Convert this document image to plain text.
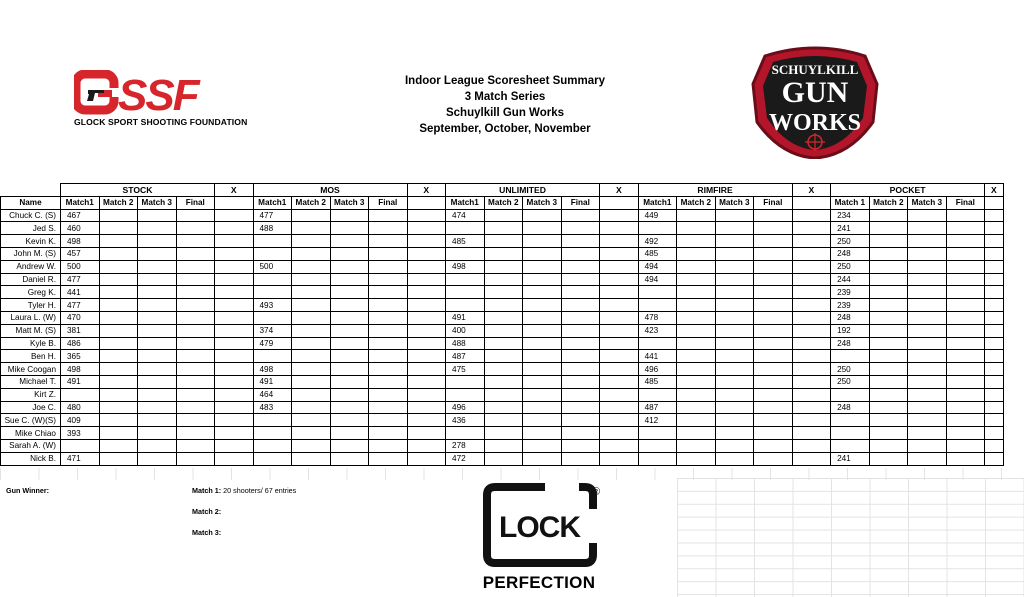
SSF
GLOCK SPORT SHOOTING FOUNDATION
Indoor League Scoresheet Summary
3 Match Series
Schuylkill Gun Works
September, October, November
SCHUYLKILL
GUN
WORKS
	STOCK				X	MOS				X	UNLIMITED				X	RIMFIRE				X	POCKET				X
Name	Match1	Match 2	Match 3	Final		Match1	Match 2	Match 3	Final		Match1	Match 2	Match 3	Final		Match1	Match 2	Match 3	Final		Match 1	Match 2	Match 3	Final	
Chuck C. (S)	467					477					474					449					234				
Jed S.	460					488															241				
Kevin K.	498										485					492					250				
John M. (S)	457															485					248				
Andrew W.	500					500					498					494					250				
Daniel R.	477															494					244				
Greg K.	441																				239				
Tyler H.	477					493															239				
Laura L. (W)	470										491					478					248				
Matt M. (S)	381					374					400					423					192				
Kyle B.	486					479					488										248				
Ben H.	365										487					441									
Mike Coogan	498					498					475					496					250				
Michael T.	491					491										485					250				
Kirt Z.						464																			
Joe C.	480					483					496					487					248				
Sue C. (W)(S)	409										436					412									
Mike Chiao	393																								
Sarah A. (W)											278														
Nick B.	471										472										241				
Gun Winner:	Match 1: 20 shooters/ 67 entries
Match 2:
Match 3:	LOCK
®
PERFECTION
